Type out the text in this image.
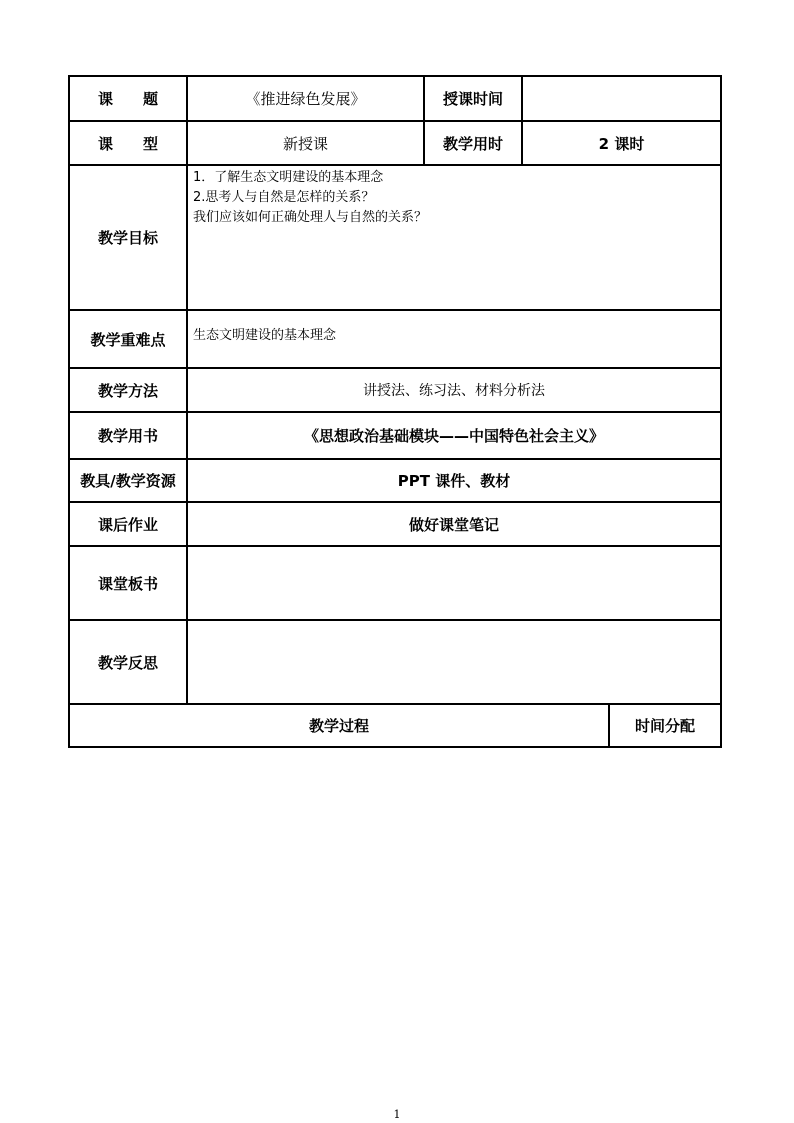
课 题	《推进绿色发展》	授课时间		
课 型	新授课	教学用时	2 课时	
教学目标	1．了解生态文明建设的基本理念
2.思考人与自然是怎样的关系？
我们应该如何正确处理人与自然的关系？			

教学重难点	生态文明建设的基本理念			
教学方法	讲授法、练习法、材料分析法			
教学用书	《思想政治基础模块——中国特色社会主义》			
教具/教学资源	PPT 课件、教材			
课后作业	做好课堂笔记			
课堂板书				
教学反思				
教学过程				时间分配
1
